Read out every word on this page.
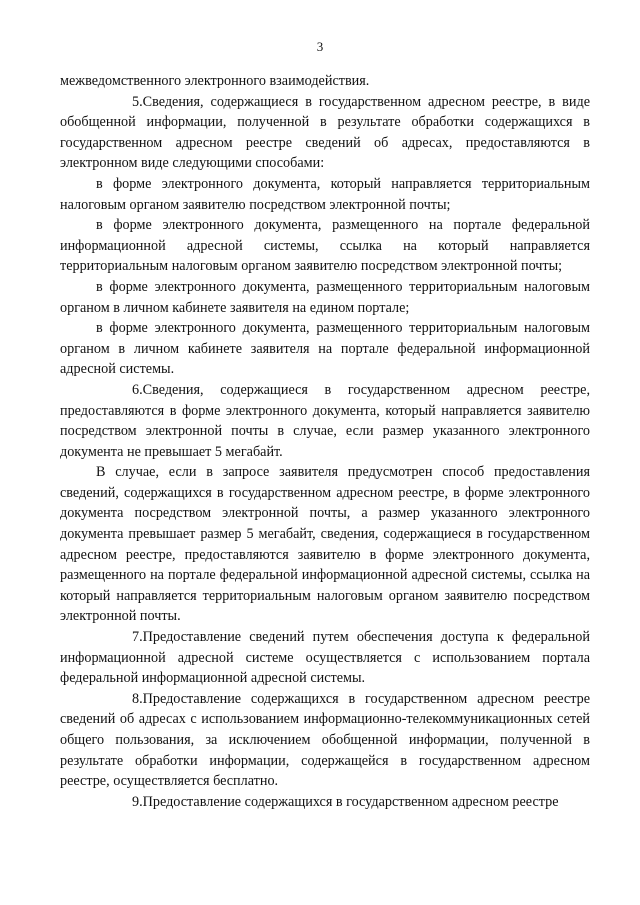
3

межведомственного электронного взаимодействия.

5.Сведения, содержащиеся в государственном адресном реестре, в виде обобщенной информации, полученной в результате обработки содержащихся в государственном адресном реестре сведений об адресах, предоставляются в электронном виде следующими способами:

в форме электронного документа, который направляется территориальным налоговым органом заявителю посредством электронной почты;

в форме электронного документа, размещенного на портале федеральной информационной адресной системы, ссылка на который направляется территориальным налоговым органом заявителю посредством электронной почты;

в форме электронного документа, размещенного территориальным налоговым органом в личном кабинете заявителя на едином портале;

в форме электронного документа, размещенного территориальным налоговым органом в личном кабинете заявителя на портале федеральной информационной адресной системы.

6.Сведения, содержащиеся в государственном адресном реестре, предоставляются в форме электронного документа, который направляется заявителю посредством электронной почты в случае, если размер указанного электронного документа не превышает 5 мегабайт.

В случае, если в запросе заявителя предусмотрен способ предоставления сведений, содержащихся в государственном адресном реестре, в форме электронного документа посредством электронной почты, а размер указанного электронного документа превышает размер 5 мегабайт, сведения, содержащиеся в государственном адресном реестре, предоставляются заявителю в форме электронного документа, размещенного на портале федеральной информационной адресной системы, ссылка на который направляется территориальным налоговым органом заявителю посредством электронной почты.

7.Предоставление сведений путем обеспечения доступа к федеральной информационной адресной системе осуществляется с использованием портала федеральной информационной адресной системы.

8.Предоставление содержащихся в государственном адресном реестре сведений об адресах с использованием информационно-телекоммуникационных сетей общего пользования, за исключением обобщенной информации, полученной в результате обработки информации, содержащейся в государственном адресном реестре, осуществляется бесплатно.

9.Предоставление содержащихся в государственном адресном реестре
